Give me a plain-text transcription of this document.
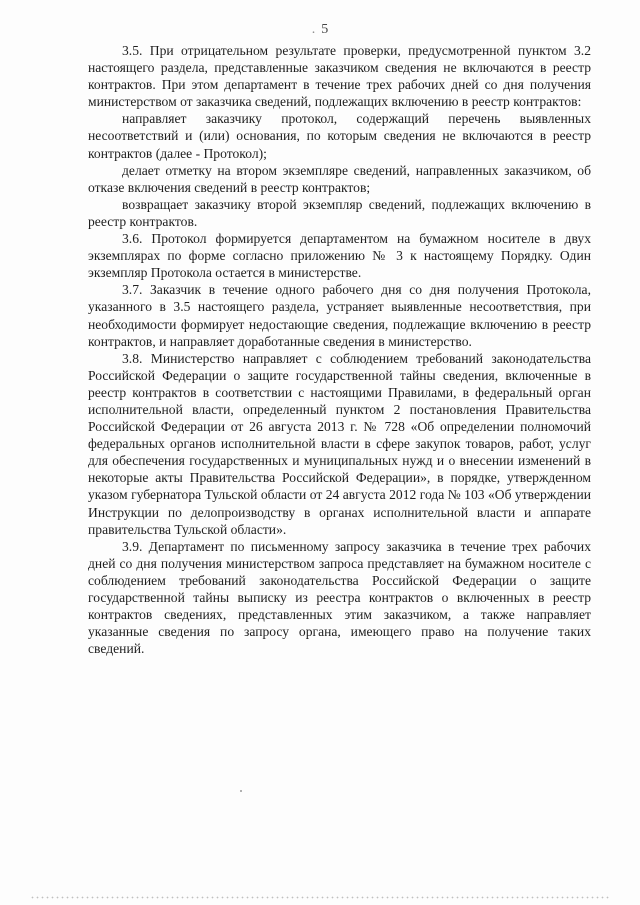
. 5

3.5. При отрицательном результате проверки, предусмотренной пунктом 3.2 настоящего раздела, представленные заказчиком сведения не включаются в реестр контрактов. При этом департамент в течение трех рабочих дней со дня получения министерством от заказчика сведений, подлежащих включению в реестр контрактов:

направляет заказчику протокол, содержащий перечень выявленных несоответствий и (или) основания, по которым сведения не включаются в реестр контрактов (далее - Протокол);

делает отметку на втором экземпляре сведений, направленных заказчиком, об отказе включения сведений в реестр контрактов;

возвращает заказчику второй экземпляр сведений, подлежащих включению в реестр контрактов.

3.6. Протокол формируется департаментом на бумажном носителе в двух экземплярах по форме согласно приложению № 3 к настоящему Порядку. Один экземпляр Протокола остается в министерстве.

3.7. Заказчик в течение одного рабочего дня со дня получения Протокола, указанного в 3.5 настоящего раздела, устраняет выявленные несоответствия, при необходимости формирует недостающие сведения, подлежащие включению в реестр контрактов, и направляет доработанные сведения в министерство.

3.8. Министерство направляет с соблюдением требований законодательства Российской Федерации о защите государственной тайны сведения, включенные в реестр контрактов в соответствии с настоящими Правилами, в федеральный орган исполнительной власти, определенный пунктом 2 постановления Правительства Российской Федерации от 26 августа 2013 г. № 728 «Об определении полномочий федеральных органов исполнительной власти в сфере закупок товаров, работ, услуг для обеспечения государственных и муниципальных нужд и о внесении изменений в некоторые акты Правительства Российской Федерации», в порядке, утвержденном указом губернатора Тульской области от 24 августа 2012 года № 103 «Об утверждении Инструкции по делопроизводству в органах исполнительной власти и аппарате правительства Тульской области».

3.9. Департамент по письменному запросу заказчика в течение трех рабочих дней со дня получения министерством запроса представляет на бумажном носителе с соблюдением требований законодательства Российской Федерации о защите государственной тайны выписку из реестра контрактов о включенных в реестр контрактов сведениях, представленных этим заказчиком, а также направляет указанные сведения по запросу органа, имеющего право на получение таких сведений.
